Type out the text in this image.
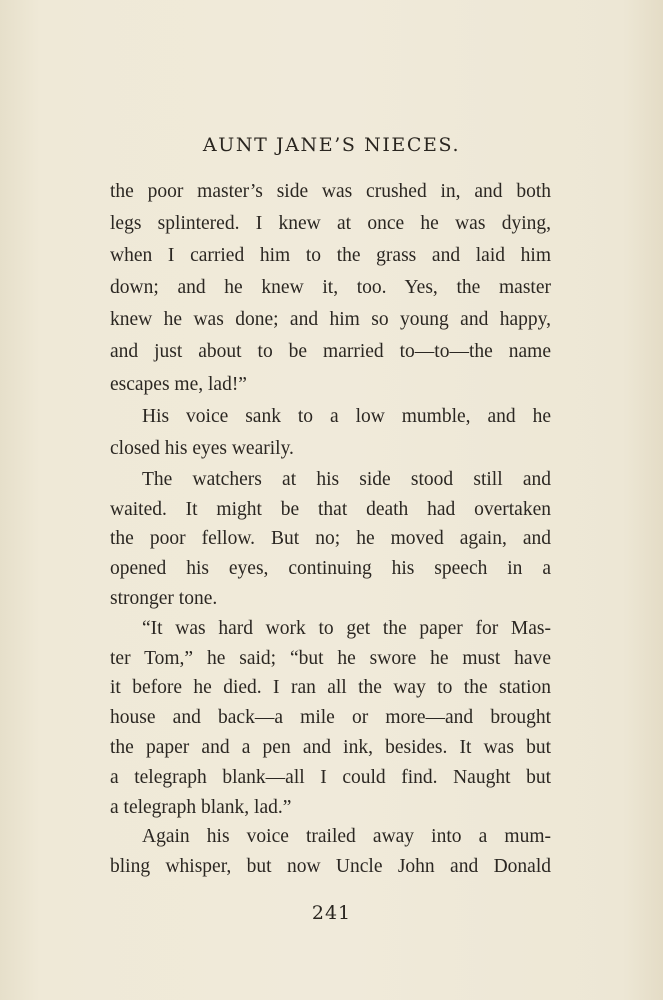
AUNT JANE’S NIECES.
the poor master’s side was crushed in, and both
legs splintered. I knew at once he was dying,
when I carried him to the grass and laid him
down; and he knew it, too. Yes, the master
knew he was done; and him so young and happy,
and just about to be married to—to—the name
escapes me, lad!”
His voice sank to a low mumble, and he
closed his eyes wearily.
The watchers at his side stood still and
waited. It might be that death had overtaken
the poor fellow. But no; he moved again, and
opened his eyes, continuing his speech in a
stronger tone.
“It was hard work to get the paper for Mas-
ter Tom,” he said; “but he swore he must have
it before he died. I ran all the way to the station
house and back—a mile or more—and brought
the paper and a pen and ink, besides. It was but
a telegraph blank—all I could find. Naught but
a telegraph blank, lad.”
Again his voice trailed away into a mum-
bling whisper, but now Uncle John and Donald
241
